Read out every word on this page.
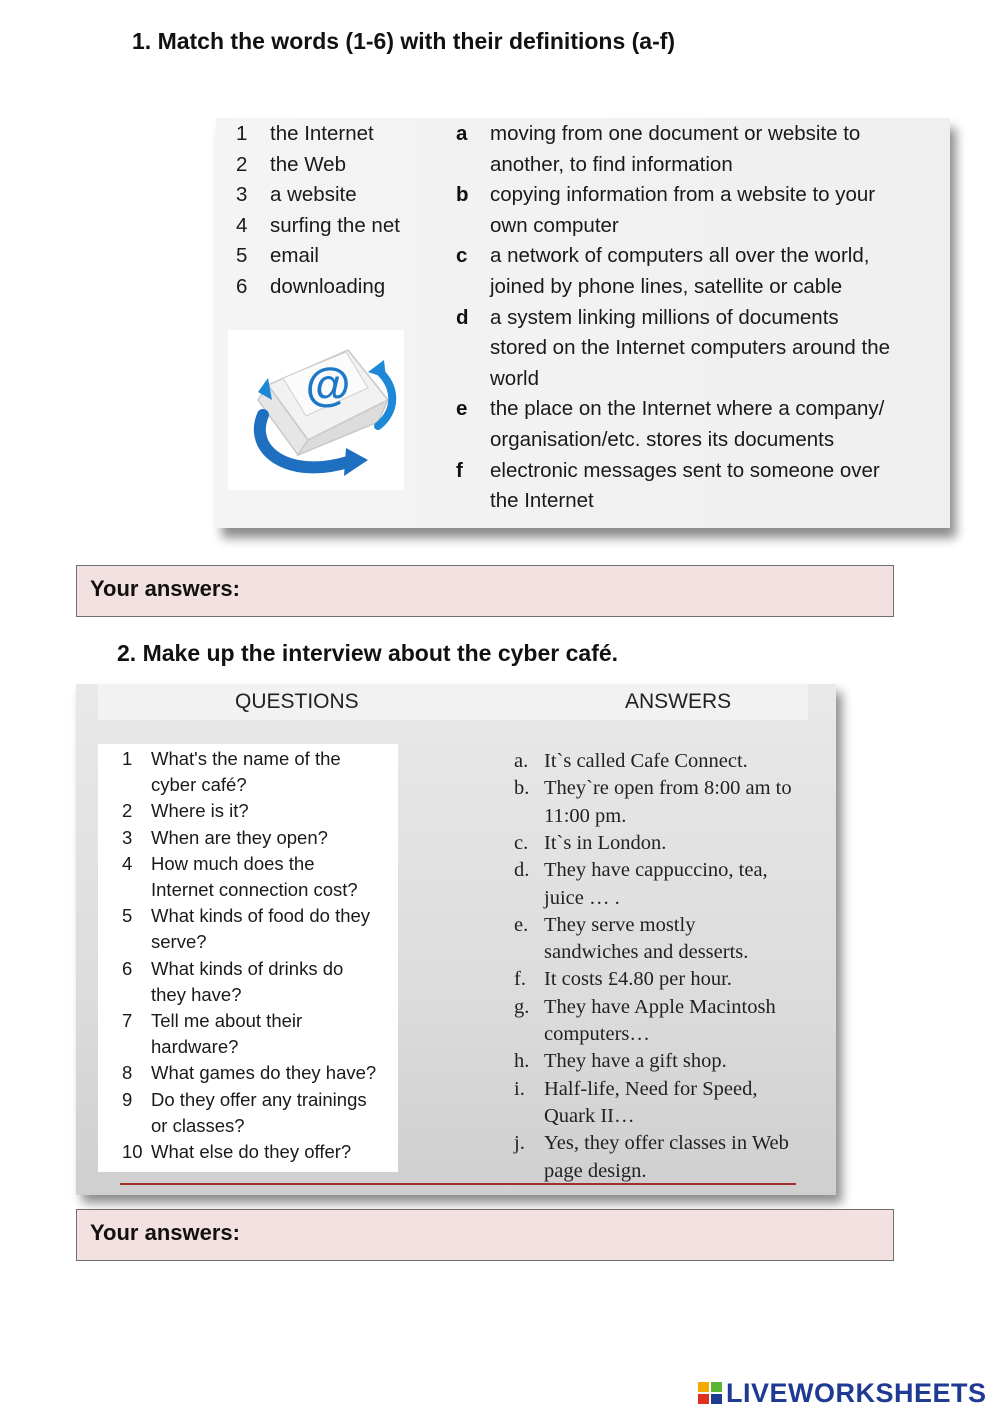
1. Match the words (1-6) with their definitions (a-f)
1 the Internet
2 the Web
3 a website
4 surfing the net
5 email
6 downloading
a moving from one document or website to
another, to find information
b copying information from a website to your
own computer
c a network of computers all over the world,
joined by phone lines, satellite or cable
d a system linking millions of documents
stored on the Internet computers around the
world
e the place on the Internet where a company/
organisation/etc. stores its documents
f electronic messages sent to someone over
the Internet
@
Your answers:
2. Make up the interview about the cyber café.
QUESTIONS	ANSWERS
1 What's the name of the
cyber café?
2 Where is it?
3 When are they open?
4 How much does the
Internet connection cost?
5 What kinds of food do they
serve?
6 What kinds of drinks do
they have?
7 Tell me about their
hardware?
8 What games do they have?
9 Do they offer any trainings
or classes?
10 What else do they offer?
a. It`s called Cafe Connect.
b. They`re open from 8:00 am to
11:00 pm.
c. It`s in London.
d. They have cappuccino, tea,
juice … .
e. They serve mostly
sandwiches and desserts.
f. It costs £4.80 per hour.
g. They have Apple Macintosh
computers…
h. They have a gift shop.
i. Half-life, Need for Speed,
Quark II…
j. Yes, they offer classes in Web
page design.
Your answers:
LIVEWORKSHEETS
